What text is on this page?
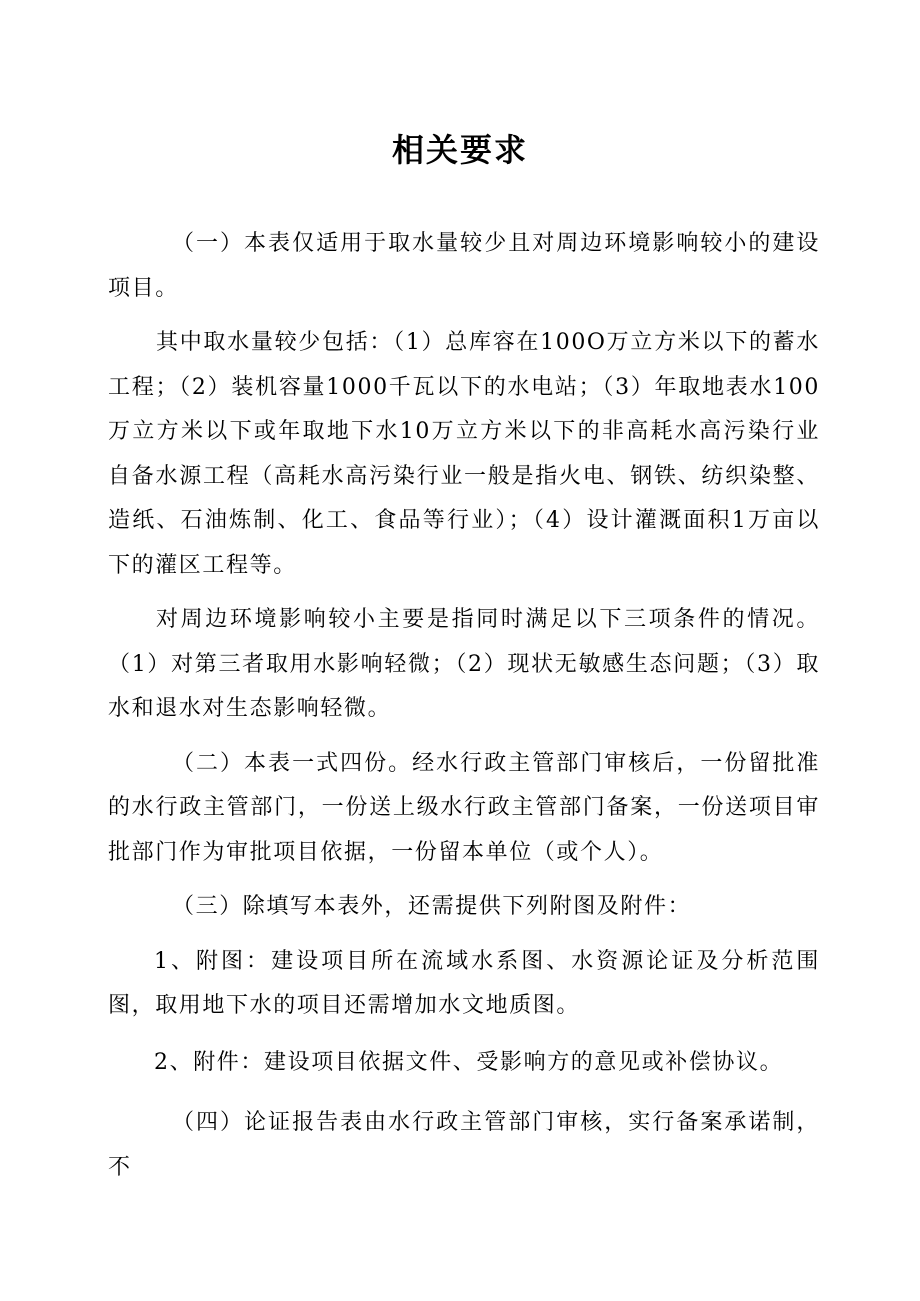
相关要求

（一）本表仅适用于取水量较少且对周边环境影响较小的建设项目。

其中取水量较少包括：（1）总库容在100O万立方米以下的蓄水工程；（2）装机容量1000千瓦以下的水电站；（3）年取地表水100万立方米以下或年取地下水10万立方米以下的非高耗水高污染行业自备水源工程（高耗水高污染行业一般是指火电、钢铁、纺织染整、造纸、石油炼制、化工、食品等行业）；（4）设计灌溉面积1万亩以下的灌区工程等。

对周边环境影响较小主要是指同时满足以下三项条件的情况。（1）对第三者取用水影响轻微；（2）现状无敏感生态问题；（3）取水和退水对生态影响轻微。

（二）本表一式四份。经水行政主管部门审核后，一份留批准的水行政主管部门，一份送上级水行政主管部门备案，一份送项目审批部门作为审批项目依据，一份留本单位（或个人）。

（三）除填写本表外，还需提供下列附图及附件：

1、附图：建设项目所在流域水系图、水资源论证及分析范围图，取用地下水的项目还需增加水文地质图。

2、附件：建设项目依据文件、受影响方的意见或补偿协议。

（四）论证报告表由水行政主管部门审核，实行备案承诺制，不
